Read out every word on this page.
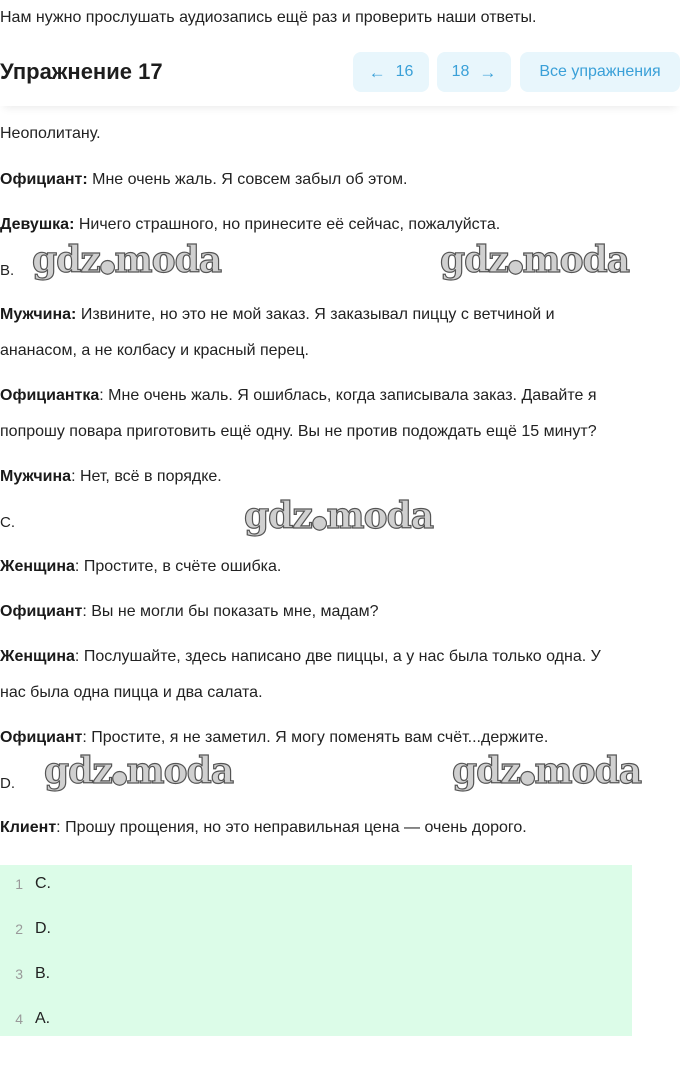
Нам нужно прослушать аудиозапись ещё раз и проверить наши ответы.
Неополитану.
Официант: Мне очень жаль. Я совсем забыл об этом.
Девушка: Ничего страшного, но принесите её сейчас, пожалуйста.
B. gdz●moda	gdz●moda
Мужчина: Извините, но это не мой заказ. Я заказывал пиццу с ветчиной и
ананасом, а не колбасу и красный перец.
Официантка: Мне очень жаль. Я ошиблась, когда записывала заказ. Давайте я
попрошу повара приготовить ещё одну. Вы не против подождать ещё 15 минут?
Мужчина: Нет, всё в порядке.
C.	gdz●moda
Женщина: Простите, в счёте ошибка.
Официант: Вы не могли бы показать мне, мадам?
Женщина: Послушайте, здесь написано две пиццы, а у нас была только одна. У
нас была одна пицца и два салата.
Официант: Простите, я не заметил. Я могу поменять вам счёт...держите.
D. gdz●moda	gdz●moda
Клиент: Прошу прощения, но это неправильная цена — очень дорого.
1 C.
2 D.
3 B.
4 A.
Упражнение 17	← 16 18 →	Все упражнения
